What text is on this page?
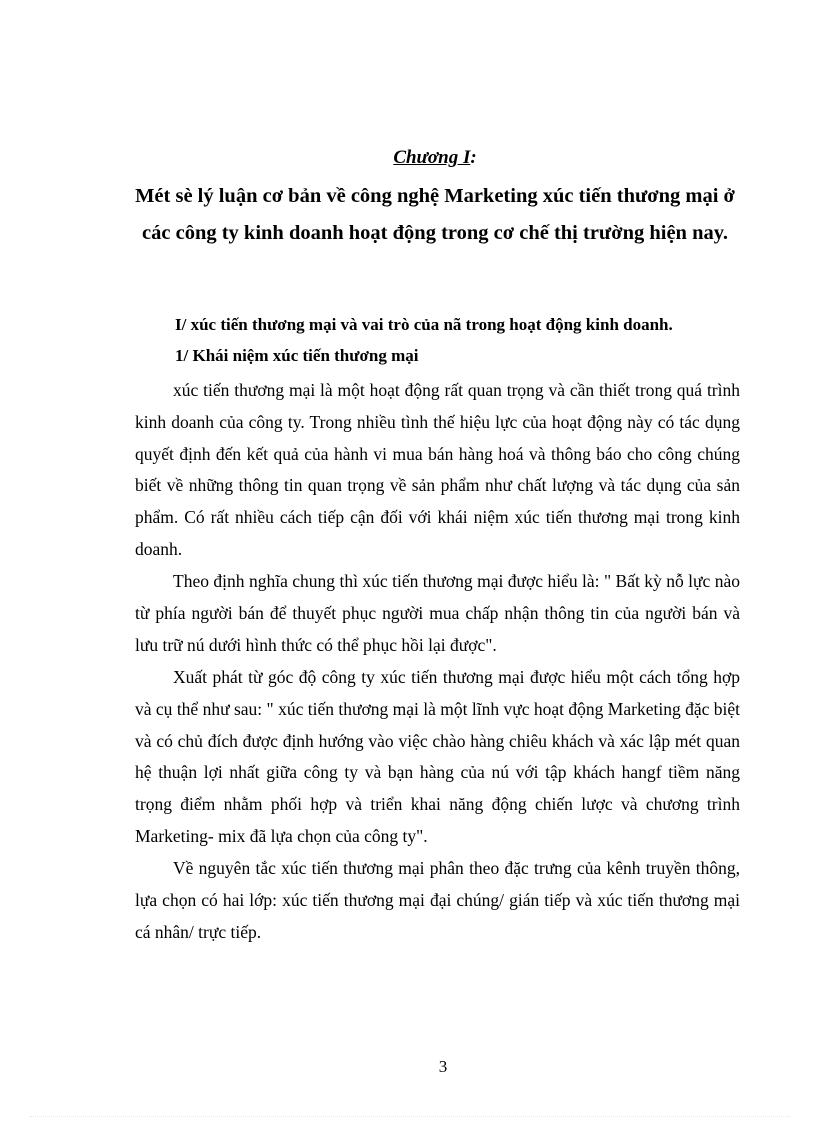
Chương I:
Mét sè lý luận cơ bản về công nghệ Marketing xúc tiến thương mại ở các công ty kinh doanh hoạt động trong cơ chế thị trường hiện nay.
I/ xúc tiến thương mại và vai trò của nã trong hoạt động kinh doanh.
1/ Khái niệm xúc tiến thương mại

xúc tiến thương mại là một hoạt động rất quan trọng và cần thiết trong quá trình kinh doanh của công ty. Trong nhiều tình thế hiệu lực của hoạt động này có tác dụng quyết định đến kết quả của hành vi mua bán hàng hoá và thông báo cho công chúng biết về những thông tin quan trọng về sản phẩm như chất lượng và tác dụng của sản phẩm. Có rất nhiều cách tiếp cận đối với khái niệm xúc tiến thương mại trong kinh doanh.

Theo định nghĩa chung thì xúc tiến thương mại được hiểu là: " Bất kỳ nỗ lực nào từ phía người bán để thuyết phục người mua chấp nhận thông tin của người bán và lưu trữ nú dưới hình thức có thể phục hồi lại được".

Xuất phát từ góc độ công ty xúc tiến thương mại được hiểu một cách tổng hợp và cụ thể như sau: " xúc tiến thương mại là một lĩnh vực hoạt động Marketing đặc biệt và có chủ đích được định hướng vào việc chào hàng chiêu khách và xác lập mét quan hệ thuận lợi nhất giữa công ty và bạn hàng của nú với tập khách hangf tiềm năng trọng điểm nhằm phối hợp và triển khai năng động chiến lược và chương trình Marketing- mix đã lựa chọn của công ty".

Về nguyên tắc xúc tiến thương mại phân theo đặc trưng của kênh truyền thông, lựa chọn có hai lớp: xúc tiến thương mại đại chúng/ gián tiếp và xúc tiến thương mại cá nhân/ trực tiếp.

3
